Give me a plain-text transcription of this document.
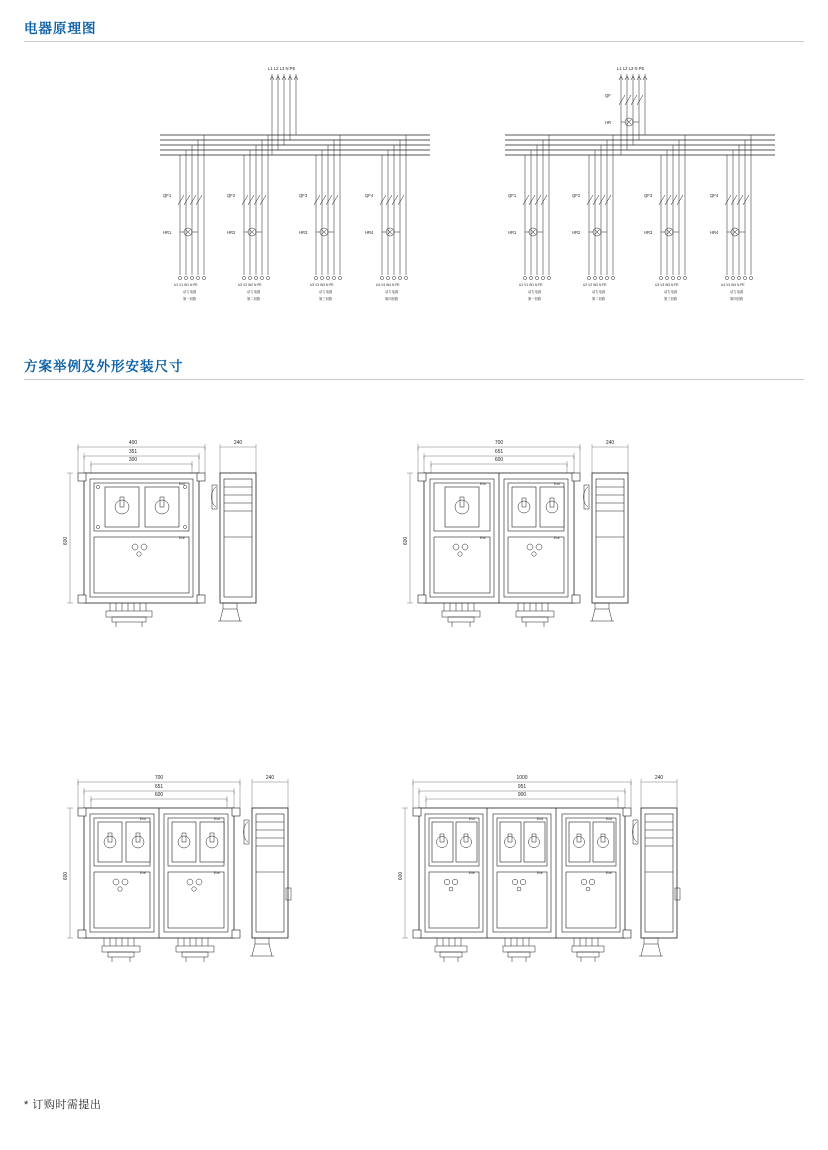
电器原理图
L1 L2 L3 N PE
QF1
HR1
U1 V1 W1 N PE
动力电源
第一回路
QF2
HR2
U2 V2 W2 N PE
动力电源
第二回路
QF3
HR3
U3 V3 W3 N PE
动力电源
第三回路
QF4
HR4
U4 V4 W4 N PE
动力电源
第四回路
L1 L2 L3 N PE
QF
HR
QF1
HR1
U1 V1 W1 N PE
动力电源
第一回路
QF2
HR2
U2 V2 W2 N PE
动力电源
第二回路
QF3
HR3
U3 V3 W3 N PE
动力电源
第三回路
QF4
HR4
U4 V4 W4 N PE
动力电源
第四回路
方案举例及外形安装尺寸
400
351
300
600
Exd
Exe
240	700
651
600
600
Exd
Exe
Exd
Exe
240
700
651
600
600
Exd
Exe
Exd
Exe
240	1000
951
900
600
Exd
Exe
Exd
Exe
Exd
Exe
240
* 订购时需提出
